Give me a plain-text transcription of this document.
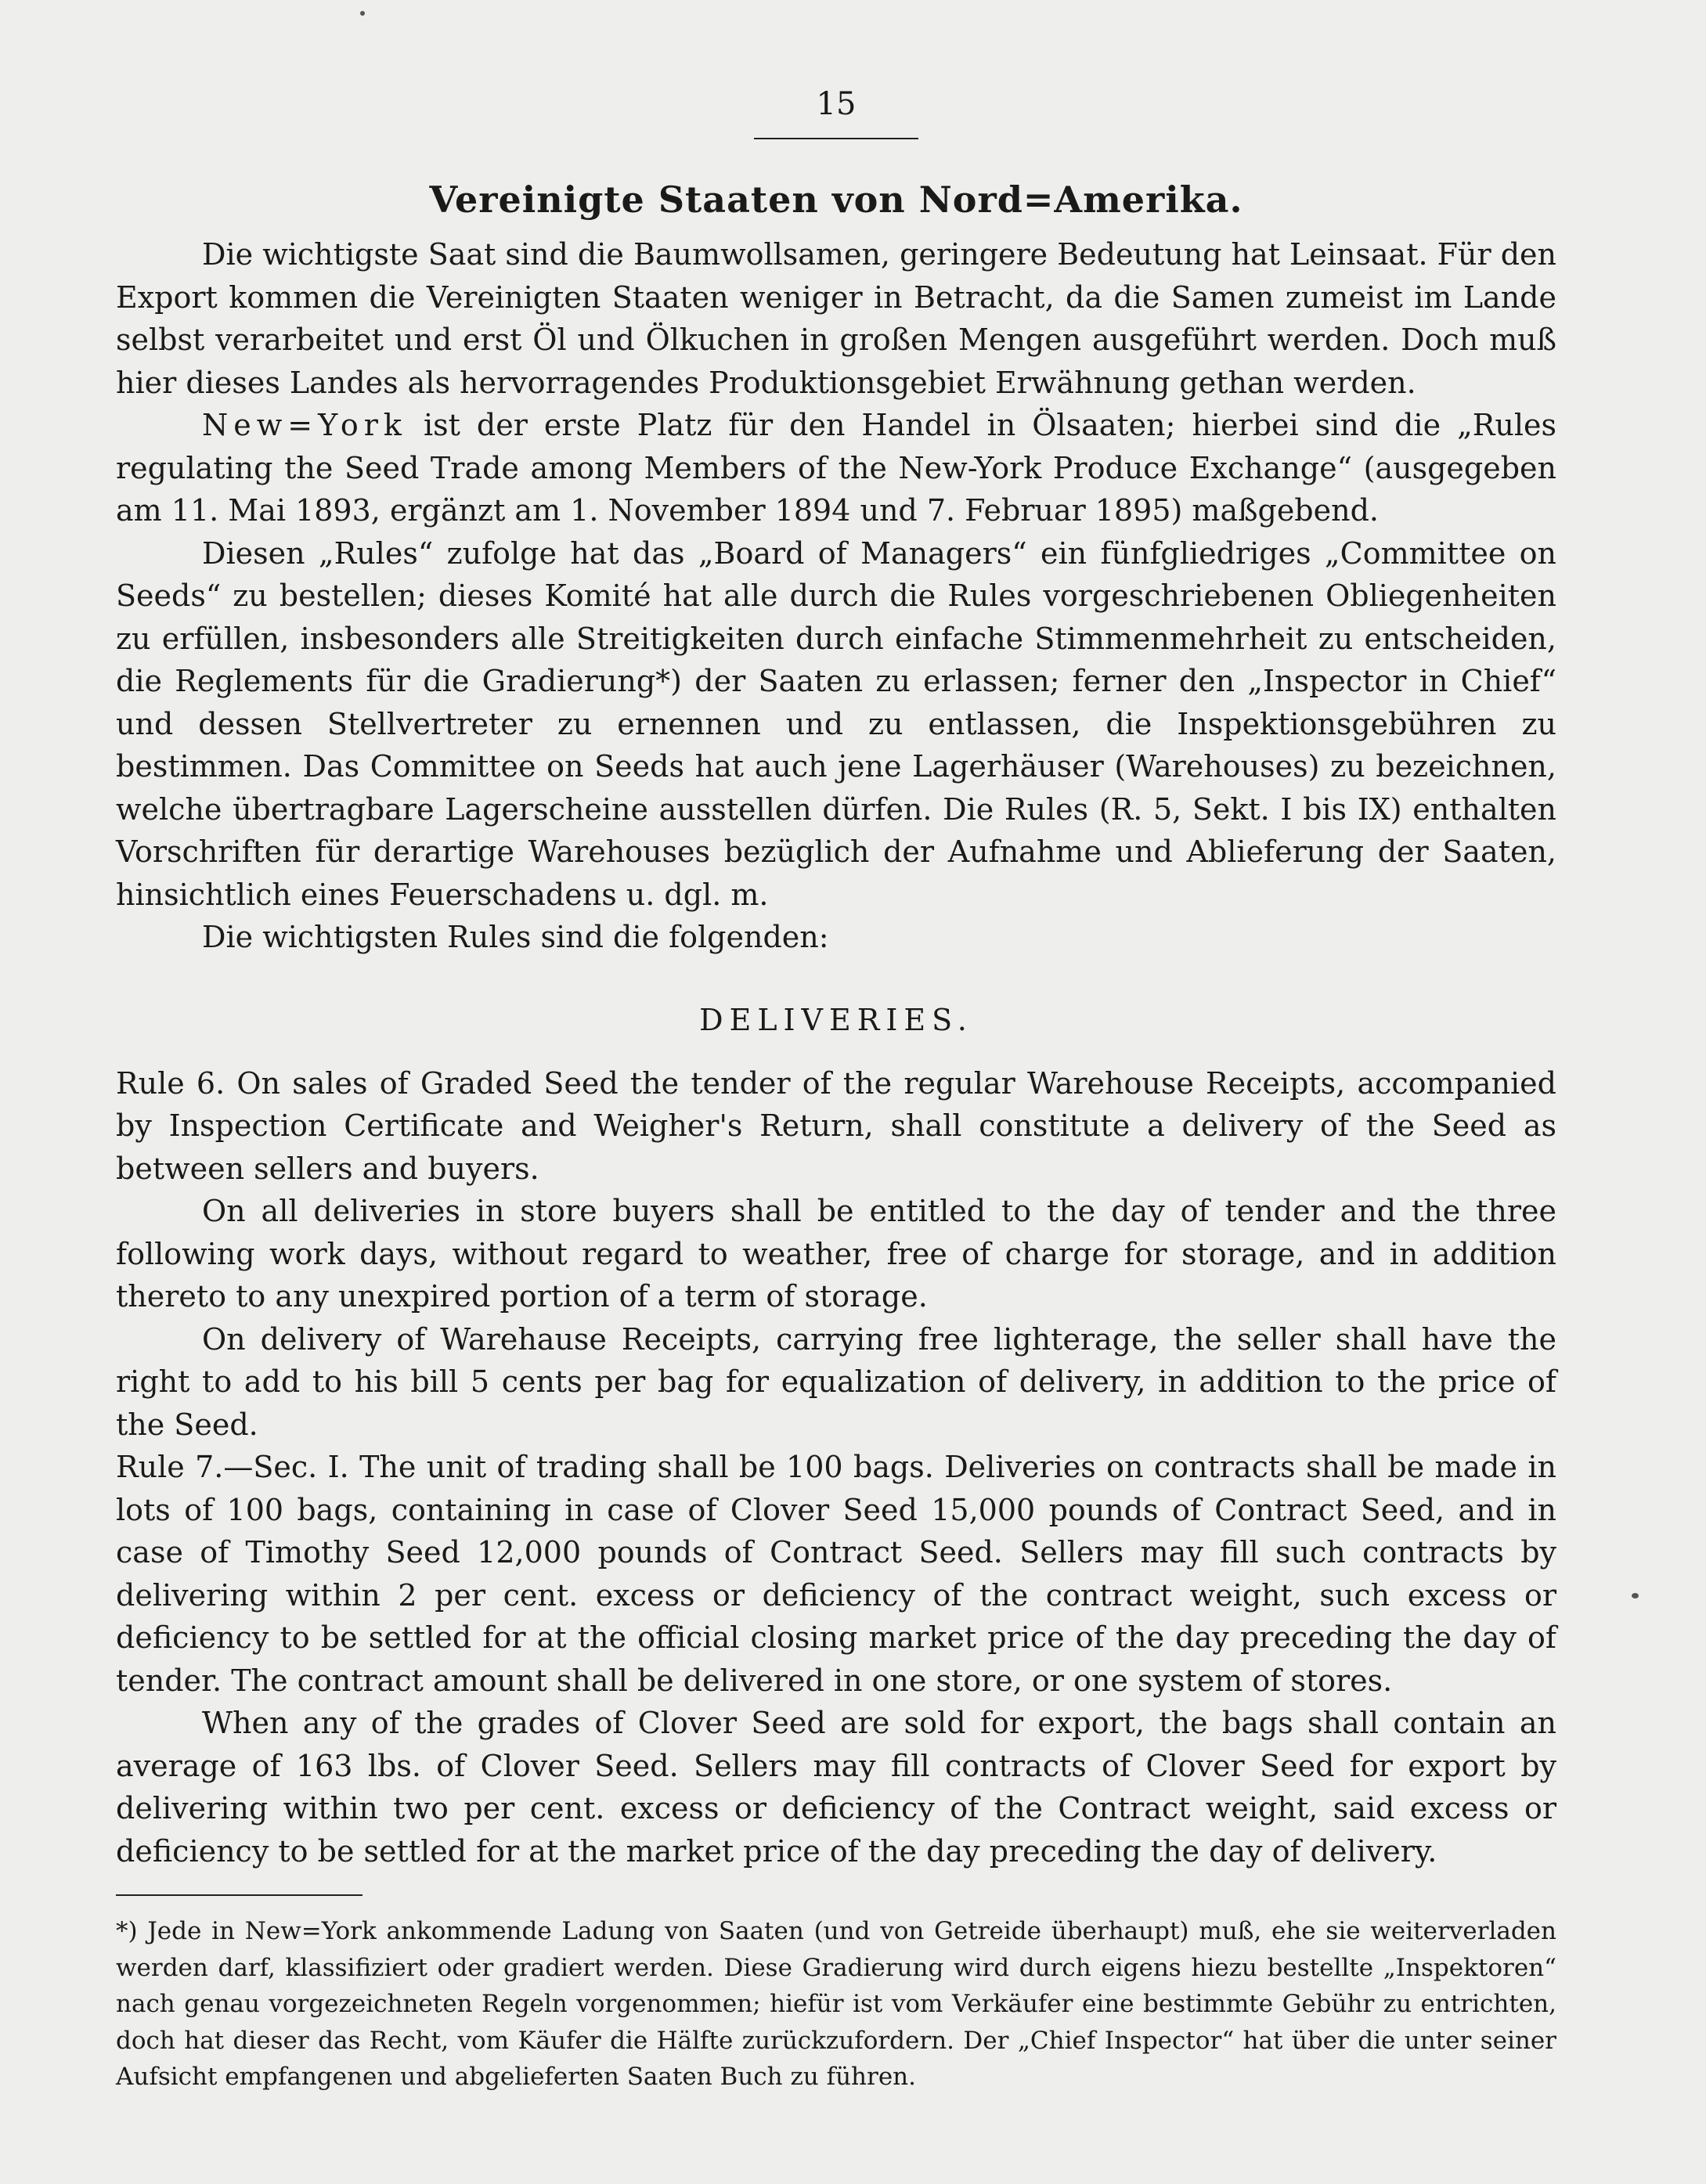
15
Vereinigte Staaten von Nord=Amerika.

Die wichtigste Saat sind die Baumwollsamen, geringere Bedeutung hat Leinsaat. Für den Export kommen die Vereinigten Staaten weniger in Betracht, da die Samen zumeist im Lande selbst verarbeitet und erst Öl und Ölkuchen in großen Mengen ausgeführt werden. Doch muß hier dieses Landes als hervorragendes Produktionsgebiet Erwähnung gethan werden.

New=York ist der erste Platz für den Handel in Ölsaaten; hierbei sind die „Rules regulating the Seed Trade among Members of the New-York Produce Exchange“ (ausgegeben am 11. Mai 1893, ergänzt am 1. November 1894 und 7. Februar 1895) maßgebend.

Diesen „Rules“ zufolge hat das „Board of Managers“ ein fünfgliedriges „Committee on Seeds“ zu bestellen; dieses Komité hat alle durch die Rules vorgeschriebenen Obliegenheiten zu erfüllen, insbesonders alle Streitigkeiten durch einfache Stimmenmehrheit zu entscheiden, die Reglements für die Gradierung*) der Saaten zu erlassen; ferner den „Inspector in Chief“ und dessen Stellvertreter zu ernennen und zu entlassen, die Inspektionsgebühren zu bestimmen. Das Committee on Seeds hat auch jene Lagerhäuser (Warehouses) zu bezeichnen, welche übertragbare Lagerscheine ausstellen dürfen. Die Rules (R. 5, Sekt. I bis IX) enthalten Vorschriften für derartige Warehouses bezüglich der Aufnahme und Ablieferung der Saaten, hinsichtlich eines Feuerschadens u. dgl. m.

Die wichtigsten Rules sind die folgenden:

DELIVERIES.

Rule 6. On sales of Graded Seed the tender of the regular Warehouse Receipts, accompanied by Inspection Certificate and Weigher's Return, shall constitute a delivery of the Seed as between sellers and buyers.

On all deliveries in store buyers shall be entitled to the day of tender and the three following work days, without regard to weather, free of charge for storage, and in addition thereto to any unexpired portion of a term of storage.

On delivery of Warehause Receipts, carrying free lighterage, the seller shall have the right to add to his bill 5 cents per bag for equalization of delivery, in addition to the price of the Seed.

Rule 7.—Sec. I. The unit of trading shall be 100 bags. Deliveries on contracts shall be made in lots of 100 bags, containing in case of Clover Seed 15,000 pounds of Contract Seed, and in case of Timothy Seed 12,000 pounds of Contract Seed. Sellers may fill such contracts by delivering within 2 per cent. excess or deficiency of the contract weight, such excess or deficiency to be settled for at the official closing market price of the day preceding the day of tender. The contract amount shall be delivered in one store, or one system of stores.

When any of the grades of Clover Seed are sold for export, the bags shall contain an average of 163 lbs. of Clover Seed. Sellers may fill contracts of Clover Seed for export by delivering within two per cent. excess or deficiency of the Contract weight, said excess or deficiency to be settled for at the market price of the day preceding the day of delivery.

*) Jede in New=York ankommende Ladung von Saaten (und von Getreide überhaupt) muß, ehe sie weiterverladen werden darf, klassifiziert oder gradiert werden. Diese Gradierung wird durch eigens hiezu bestellte „Inspektoren“ nach genau vorgezeichneten Regeln vorgenommen; hiefür ist vom Verkäufer eine bestimmte Gebühr zu entrichten, doch hat dieser das Recht, vom Käufer die Hälfte zurückzufordern. Der „Chief Inspector“ hat über die unter seiner Aufsicht empfangenen und abgelieferten Saaten Buch zu führen.
